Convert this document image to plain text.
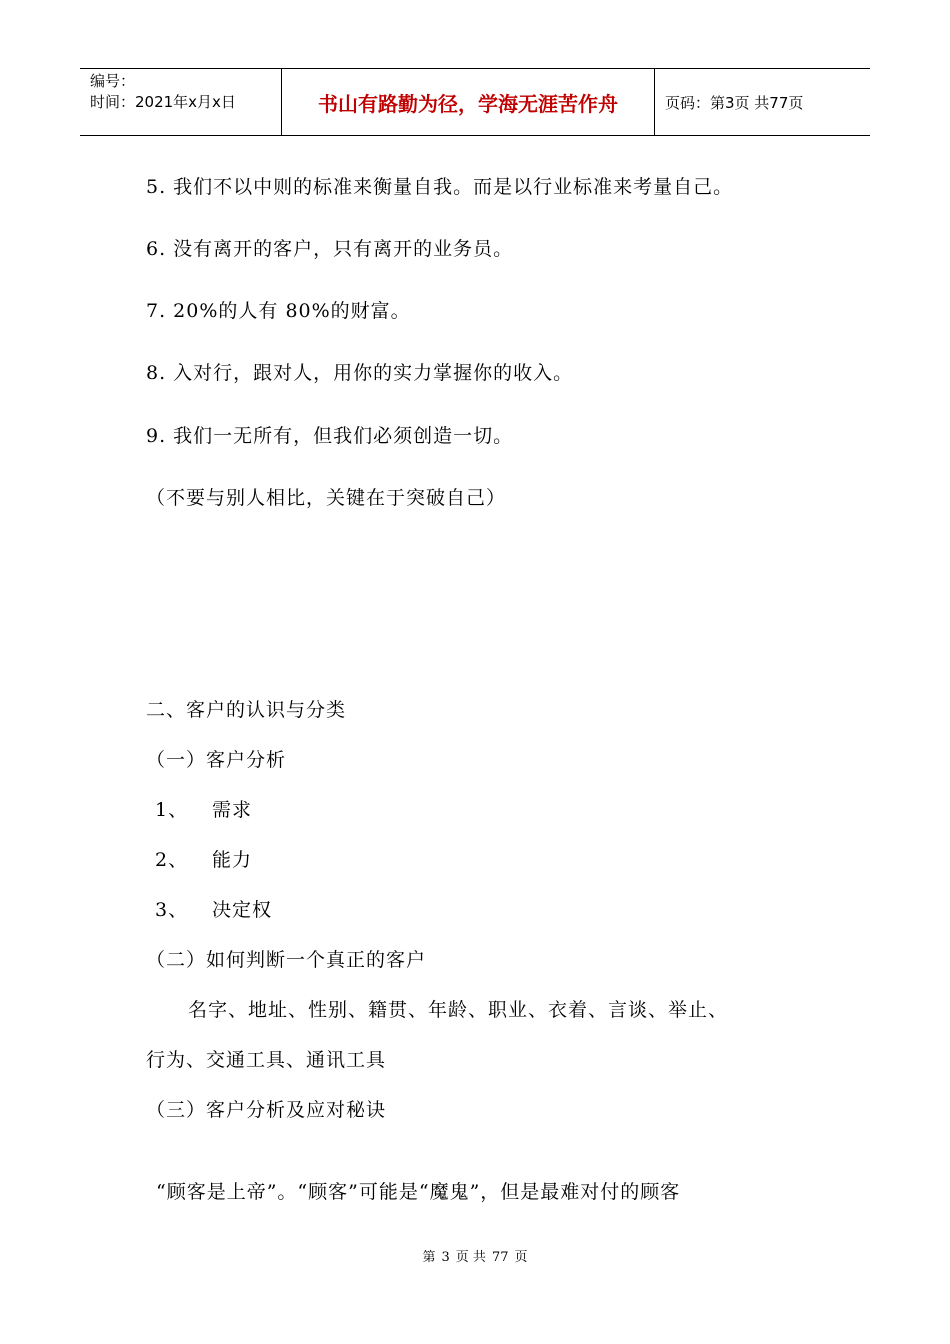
编号：
时间：2021年x月x日	书山有路勤为径，学海无涯苦作舟	页码：第3页 共77页
5. 我们不以中则的标准来衡量自我。而是以行业标准来考量自己。
6. 没有离开的客户，只有离开的业务员。
7. 20%的人有 80%的财富。
8. 入对行，跟对人，用你的实力掌握你的收入。
9. 我们一无所有，但我们必须创造一切。
（不要与别人相比，关键在于突破自己）
二、客户的认识与分类
（一）客户分析
1、 需求
2、 能力
3、 决定权
（二）如何判断一个真正的客户
名字、地址、性别、籍贯、年龄、职业、衣着、言谈、举止、
行为、交通工具、通讯工具
（三）客户分析及应对秘诀
“顾客是上帝”。“顾客”可能是“魔鬼”，但是最难对付的顾客
第 3 页 共 77 页
